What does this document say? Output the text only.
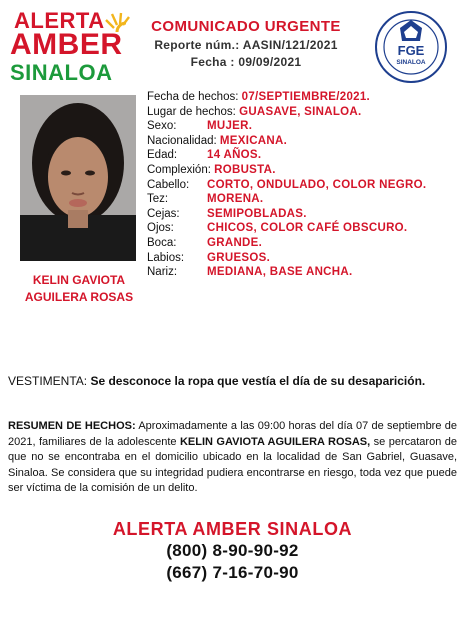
ALERTA
AMBER
SINALOA
COMUNICADO URGENTE
Reporte núm.: AASIN/121/2021
Fecha : 09/09/2021
FGE
SINALOA
KELIN GAVIOTA
AGUILERA ROSAS
Fecha de hechos: 07/SEPTIEMBRE/2021.
Lugar de hechos: GUASAVE, SINALOA.
Sexo:	MUJER.
Nacionalidad: MEXICANA.
Edad:	14 AÑOS.
Complexión: ROBUSTA.
Cabello: CORTO, ONDULADO, COLOR NEGRO.
Tez:	MORENA.
Cejas: SEMIPOBLADAS.
Ojos:	CHICOS, COLOR CAFÉ OBSCURO.
Boca:	GRANDE.
Labios: GRUESOS.
Nariz:	MEDIANA, BASE ANCHA.
VESTIMENTA: Se desconoce la ropa que vestía el día de su desaparición.
RESUMEN DE HECHOS: Aproximadamente a las 09:00 horas del día 07 de septiembre de 2021, familiares de la adolescente KELIN GAVIOTA AGUILERA ROSAS, se percataron de que no se encontraba en el domicilio ubicado en la localidad de San Gabriel, Guasave, Sinaloa. Se considera que su integridad pudiera encontrarse en riesgo, toda vez que puede ser víctima de la comisión de un delito.
ALERTA AMBER SINALOA
(800) 8-90-90-92
(667) 7-16-70-90
